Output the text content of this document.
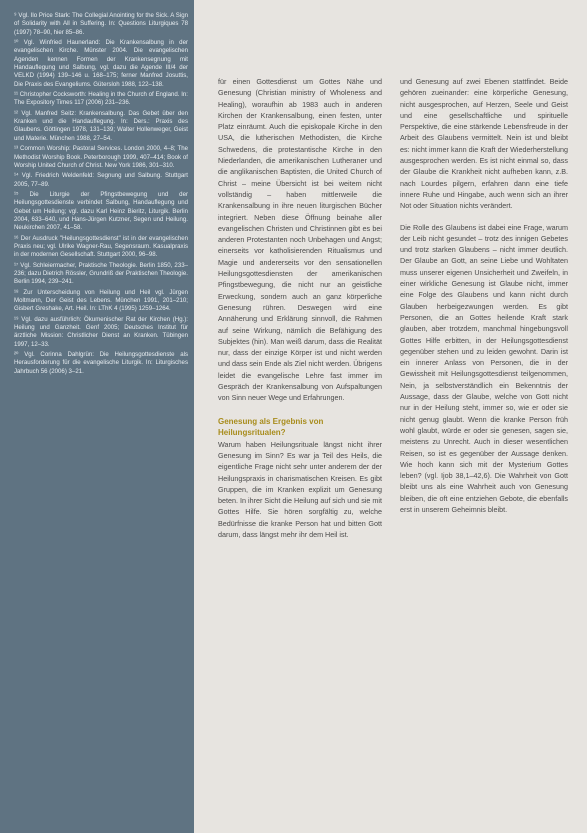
⁹ Vgl. Ilo Price Stark: The Collegial Anointing for the Sick. A Sign of Solidarity with All in Suffering. In: Questions Liturgiques 78 (1997) 78–90, hier 85–86.

¹⁰ Vgl. Winfried Haunerland: Die Krankensalbung in der evangelischen Kirche. Münster 2004. Die evangelischen Agenden kennen Formen der Krankensegnung mit Handauflegung und Salbung, vgl. dazu die Agende III/4 der VELKD (1994) 139–146 u. 168–175; ferner Manfred Josuttis, Die Praxis des Evangeliums. Gütersloh 1988, 122–138.

¹¹ Christopher Cocksworth: Healing in the Church of England. In: The Expository Times 117 (2006) 231–236.

¹² Vgl. Manfred Seitz: Krankensalbung. Das Gebet über den Kranken und die Handauflegung. In: Ders.: Praxis des Glaubens. Göttingen 1978, 131–139; Walter Hollenweger, Geist und Materie. München 1988, 27–54.

¹³ Common Worship: Pastoral Services. London 2000, 4–8; The Methodist Worship Book. Peterborough 1999, 407–414; Book of Worship United Church of Christ. New York 1986, 301–310.

¹⁴ Vgl. Friedrich Weldenfeld: Segnung und Salbung. Stuttgart 2005, 77–89.

¹⁵ Die Liturgie der Pfingstbewegung und der Heilungsgottesdienste verbindet Salbung, Handauflegung und Gebet um Heilung; vgl. dazu Karl Heinz Bieritz, Liturgik. Berlin 2004, 633–640, und Hans-Jürgen Kutzner, Segen und Heilung. Neukirchen 2007, 41–58.

¹⁶ Der Ausdruck "Heilungsgottesdienst" ist in der evangelischen Praxis neu; vgl. Ulrike Wagner-Rau, Segensraum. Kasualpraxis in der modernen Gesellschaft. Stuttgart 2000, 96–98.

¹⁷ Vgl. Schleiermacher, Praktische Theologie. Berlin 1850, 233–236; dazu Dietrich Rössler, Grundriß der Praktischen Theologie. Berlin 1994, 239–241.

¹⁸ Zur Unterscheidung von Heilung und Heil vgl. Jürgen Moltmann, Der Geist des Lebens. München 1991, 201–210; Gisbert Greshake, Art. Heil. In: LThK 4 (1995) 1259–1264.

¹⁹ Vgl. dazu ausführlich: Ökumenischer Rat der Kirchen (Hg.): Heilung und Ganzheit. Genf 2005; Deutsches Institut für ärztliche Mission: Christlicher Dienst an Kranken. Tübingen 1997, 12–33.

²⁰ Vgl. Corinna Dahlgrün: Die Heilungsgottesdienste als Herausforderung für die evangelische Liturgik. In: Liturgisches Jahrbuch 56 (2006) 3–21.

für einen Gottesdienst um Gottes Nähe und Genesung (Christian ministry of Wholeness and Healing), woraufhin ab 1983 auch in anderen Kirchen der Krankensalbung, einen festen, unter Platz einräumt. Auch die episkopale Kirche in den USA, die lutherischen Methodisten, die Kirche Schwedens, die protestantische Kirche in den Niederlanden, die amerikanischen Lutheraner und die anglikanischen Baptisten, die United Church of Christ – meine Übersicht ist bei weitem nicht vollständig – haben mittlerweile die Krankensalbung in ihre neuen liturgischen Bücher integriert. Neben diese Öffnung beinahe aller evangelischen Christen und Christinnen gibt es bei anderen Protestanten noch Unbehagen und Angst; einerseits vor katholisierenden Ritualismus und Magie und andererseits vor den sensationellen Heilungsgottesdiensten der amerikanischen Pfingstbewegung, die nicht nur an geistliche Erweckung, sondern auch an ganz körperliche Genesung rühren. Deswegen wird eine Annäherung und Erklärung sinnvoll, die Rahmen auf seine Wirkung, nämlich die Befähigung des Subjektes (hin). Man weiß darum, dass die Realität nur, dass der einzige Körper ist und nicht werden und dass sein Ende als Ziel nicht werden. Übrigens leidet die evangelische Lehre fast immer im Gespräch der Krankensalbung von Aufspaltungen von Sinn neuer Wege und Erfahrungen.

Genesung als Ergebnis von Heilungsritualen?

Warum haben Heilungsrituale längst nicht ihrer Genesung im Sinn? Es war ja Teil des Heils, die eigentliche Frage nicht sehr unter anderem der der Heilungspraxis in charismatischen Kreisen. Es gibt Gruppen, die im Kranken explizit um Genesung beten. In ihrer Sicht die Heilung auf sich und sie mit Gottes Hilfe. Sie hören sorgfältig zu, welche Bedürfnisse die kranke Person hat und bitten Gott darum, dass längst mehr ihr dem Heil ist.

und Genesung auf zwei Ebenen stattfindet. Beide gehören zueinander: eine körperliche Genesung, nicht ausgesprochen, auf Herzen, Seele und Geist und eine gesellschaftliche und spirituelle Perspektive, die eine stärkende Lebensfreude in der Arbeit des Glaubens vermittelt. Nein ist und bleibt es: nicht immer kann die Kraft der Wiederherstellung ausgesprochen werden. Es ist nicht einmal so, dass der Glaube die Krankheit nicht aufheben kann, z.B. nach Lourdes pilgern, erfahren dann eine tiefe innere Ruhe und Hingabe, auch wenn sich an ihrer Not oder Situation nichts verändert.

Die Rolle des Glaubens ist dabei eine Frage, warum der Leib nicht gesundet – trotz des innigen Gebetes und trotz starken Glaubens – nicht immer deutlich. Der Glaube an Gott, an seine Liebe und Wohltaten muss unserer eigenen Unsicherheit und Zweifeln, in einer wirkliche Genesung ist Glaube nicht, immer eine Folge des Glaubens und kann nicht durch Glauben herbeigezwungen werden. Es gibt Personen, die an Gottes heilende Kraft stark glauben, aber trotzdem, manchmal hingebungsvoll Gottes Hilfe erbitten, in der Heilungsgottesdienst gegenüber stehen und zu leiden gewohnt. Darin ist ein innerer Anlass von Personen, die in der Gewissheit mit Heilungsgottesdienst teilgenommen, Nein, ja selbstverständlich ein Bekenntnis der Aussage, dass der Glaube, welche von Gott nicht nur in der Heilung steht, immer so, wie er oder sie nicht genug glaubt. Wenn die kranke Person früh wohl glaubt, würde er oder sie genesen, sagen sie, meistens zu Unrecht. Auch in dieser wesentlichen Reisen, so ist es gegenüber der Aussage denken. Wie hoch kann sich mit der Mysterium Gottes leben? (vgl. Ijob 38,1–42,6). Die Wahrheit von Gott bleibt uns als eine Wahrheit auch von Genesung bleiben, die oft eine entziehen Gebote, die ebenfalls erst in unserem Geheimnis bleibt.
